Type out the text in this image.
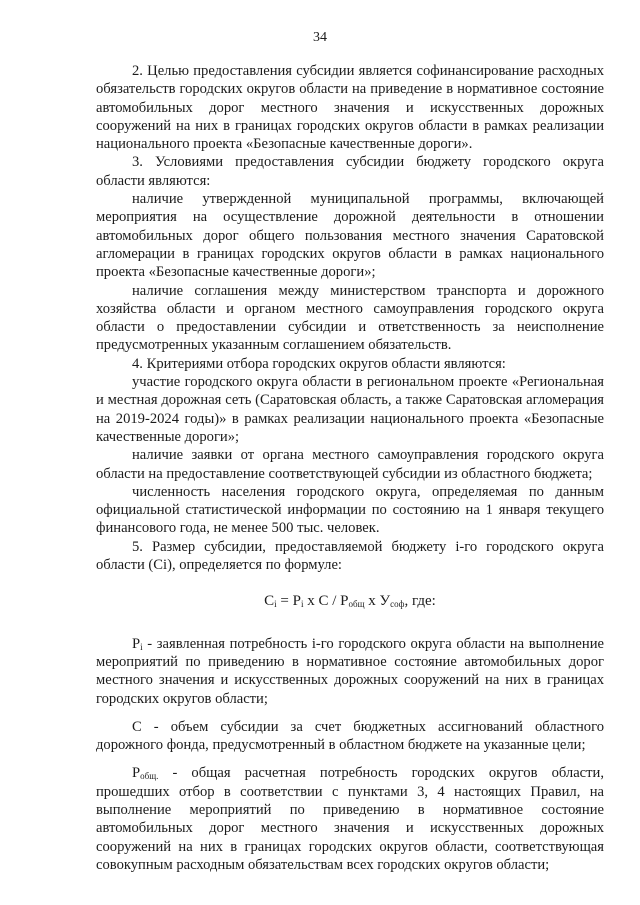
34

2. Целью предоставления субсидии является софинансирование расходных обязательств городских округов области на приведение в нормативное состояние автомобильных дорог местного значения и искусственных дорожных сооружений на них в границах городских округов области в рамках реализации национального проекта «Безопасные качественные дороги».

3. Условиями предоставления субсидии бюджету городского округа области являются:

наличие утвержденной муниципальной программы, включающей мероприятия на осуществление дорожной деятельности в отношении автомобильных дорог общего пользования местного значения Саратовской агломерации в границах городских округов области в рамках национального проекта «Безопасные качественные дороги»;

наличие соглашения между министерством транспорта и дорожного хозяйства области и органом местного самоуправления городского округа области о предоставлении субсидии и ответственность за неисполнение предусмотренных указанным соглашением обязательств.

4. Критериями отбора городских округов области являются:

участие городского округа области в региональном проекте «Региональная и местная дорожная сеть (Саратовская область, а также Саратовская агломерация на 2019-2024 годы)» в рамках реализации национального проекта «Безопасные качественные дороги»;

наличие заявки от органа местного самоуправления городского округа области на предоставление соответствующей субсидии из областного бюджета;

численность населения городского округа, определяемая по данным официальной статистической информации по состоянию на 1 января текущего финансового года, не менее 500 тыс. человек.

5. Размер субсидии, предоставляемой бюджету i-го городского округа области (Ci), определяется по формуле:

$C_i = P_i$ х С / $P_{общ}$ х $У_{соф}$, где:

$P_i$ - заявленная потребность i-го городского округа области на выполнение мероприятий по приведению в нормативное состояние автомобильных дорог местного значения и искусственных дорожных сооружений на них в границах городских округов области;

С - объем субсидии за счет бюджетных ассигнований областного дорожного фонда, предусмотренный в областном бюджете на указанные цели;

$P_{общ.}$ - общая расчетная потребность городских округов области, прошедших отбор в соответствии с пунктами 3, 4 настоящих Правил, на выполнение мероприятий по приведению в нормативное состояние автомобильных дорог местного значения и искусственных дорожных сооружений на них в границах городских округов области, соответствующая совокупным расходным обязательствам всех городских округов области;
